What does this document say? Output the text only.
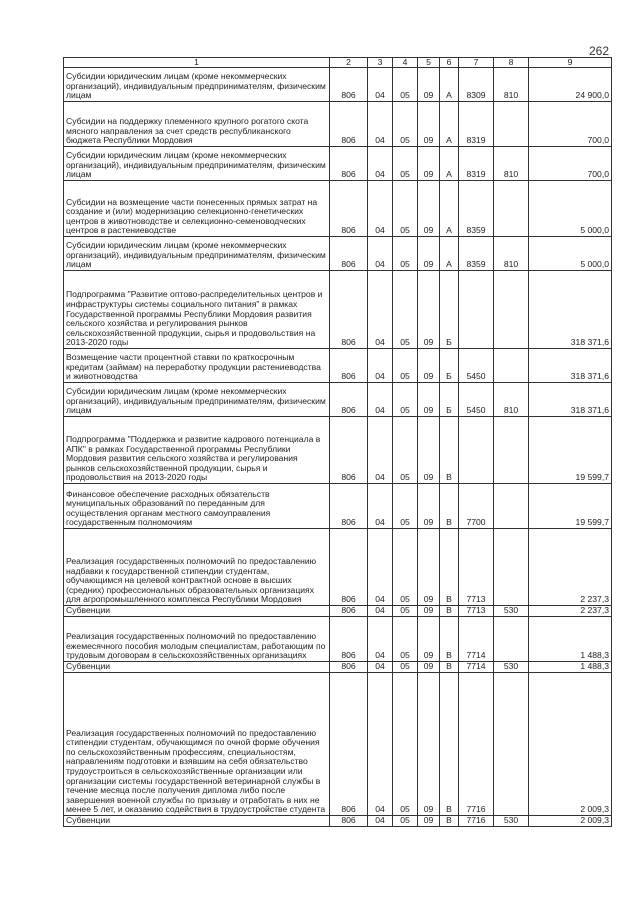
262
1	2	3	4	5	6	7	8	9
Субсидии юридическим лицам (кроме некоммерческих организаций), индивидуальным предпринимателям, физическим лицам	806	04	05	09	А	8309	810	24 900,0
Субсидии на поддержку племенного крупного рогатого скота мясного направления за счет средств республиканского бюджета Республики Мордовия	806	04	05	09	А	8319		700,0
Субсидии юридическим лицам (кроме некоммерческих организаций), индивидуальным предпринимателям, физическим лицам	806	04	05	09	А	8319	810	700,0
Субсидии на возмещение части понесенных прямых затрат на создание и (или) модернизацию селекционно-генетических центров в животноводстве и селекционно-семеноводческих центров в растениеводстве	806	04	05	09	А	8359		5 000,0
Субсидии юридическим лицам (кроме некоммерческих организаций), индивидуальным предпринимателям, физическим лицам	806	04	05	09	А	8359	810	5 000,0
Подпрограмма "Развитие оптово-распределительных центров и инфраструктуры системы социального питания" в рамках Государственной программы Республики Мордовия развития сельского хозяйства и регулирования рынков сельскохозяйственной продукции, сырья и продовольствия на 2013-2020 годы	806	04	05	09	Б			318 371,6
Возмещение части процентной ставки по краткосрочным кредитам (займам) на переработку продукции растениеводства и животноводства	806	04	05	09	Б	5450		318 371,6
Субсидии юридическим лицам (кроме некоммерческих организаций), индивидуальным предпринимателям, физическим лицам	806	04	05	09	Б	5450	810	318 371,6
Подпрограмма "Поддержка и развитие кадрового потенциала в АПК" в рамках Государственной программы Республики Мордовия развития сельского хозяйства и регулирования рынков сельскохозяйственной продукции, сырья и продовольствия на 2013-2020 годы	806	04	05	09	В			19 599,7
Финансовое обеспечение расходных обязательств муниципальных образований по переданным для осуществления органам местного самоуправления государственным полномочиям	806	04	05	09	В	7700		19 599,7
Реализация государственных полномочий по предоставлению надбавки к государственной стипендии студентам, обучающимся на целевой контрактной основе в высших (средних) профессиональных образовательных организациях для агропромышленного комплекса Республики Мордовия	806	04	05	09	В	7713		2 237,3
Субвенции	806	04	05	09	В	7713	530	2 237,3
Реализация государственных полномочий по предоставлению ежемесячного пособия молодым специалистам, работающим по трудовым договорам в сельскохозяйственных организациях	806	04	05	09	В	7714		1 488,3
Субвенции	806	04	05	09	В	7714	530	1 488,3
Реализация государственных полномочий по предоставлению стипендии студентам, обучающимся по очной форме обучения по сельскохозяйственным профессиям, специальностям, направлениям подготовки и взявшим на себя обязательство трудоустроиться в сельскохозяйственные организации или организации системы государственной ветеринарной службы в течение месяца после получения диплома либо после завершения военной службы по призыву и отработать в них не менее 5 лет, и оказанию содействия в трудоустройстве студента	806	04	05	09	В	7716		2 009,3
Субвенции	806	04	05	09	В	7716	530	2 009,3
